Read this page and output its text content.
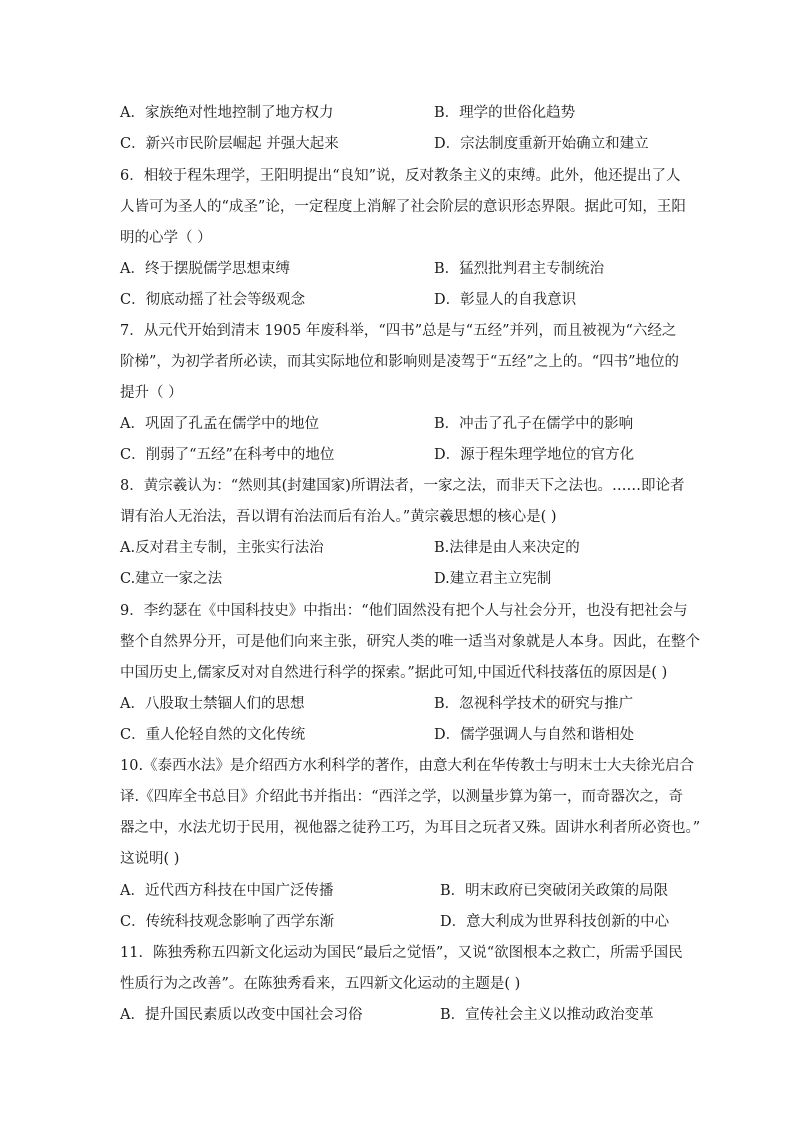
A．家族绝对性地控制了地方权力	B．理学的世俗化趋势
C．新兴市民阶层崛起 并强大起来	D．宗法制度重新开始确立和建立
6．相较于程朱理学，王阳明提出“良知”说，反对教条主义的束缚。此外，他还提出了人
人皆可为圣人的“成圣”论，一定程度上消解了社会阶层的意识形态界限。据此可知，王阳
明的心学（ ）
A．终于摆脱儒学思想束缚	B．猛烈批判君主专制统治
C．彻底动摇了社会等级观念	D．彰显人的自我意识
7．从元代开始到清末 1905 年废科举，“四书”总是与“五经”并列，而且被视为“六经之
阶梯”，为初学者所必读，而其实际地位和影响则是凌驾于“五经”之上的。“四书”地位的
提升（ ）
A．巩固了孔孟在儒学中的地位	B．冲击了孔子在儒学中的影响
C．削弱了“五经”在科考中的地位	D．源于程朱理学地位的官方化
8．黄宗羲认为：“然则其(封建国家)所谓法者，一家之法，而非天下之法也。……即论者
谓有治人无治法，吾以谓有治法而后有治人。”黄宗羲思想的核心是( )
A.反对君主专制，主张实行法治	B.法律是由人来决定的
C.建立一家之法	D.建立君主立宪制
9．李约瑟在《中国科技史》中指出：“他们固然没有把个人与社会分开，也没有把社会与
整个自然界分开，可是他们向来主张，研究人类的唯一适当对象就是人本身。因此，在整个
中国历史上,儒家反对对自然进行科学的探索。”据此可知,中国近代科技落伍的原因是( )
A．八股取士禁锢人们的思想	B．忽视科学技术的研究与推广
C．重人伦轻自然的文化传统	D．儒学强调人与自然和谐相处
10.《泰西水法》是介绍西方水利科学的著作，由意大利在华传教士与明末士大夫徐光启合
译.《四库全书总目》介绍此书并指出：“西洋之学，以测量步算为第一，而奇器次之，奇
器之中，水法尤切于民用，视他器之徒矜工巧，为耳目之玩者又殊。固讲水利者所必资也。”
这说明( )
A．近代西方科技在中国广泛传播	B．明末政府已突破闭关政策的局限
C．传统科技观念影响了西学东渐	D．意大利成为世界科技创新的中心
11．陈独秀称五四新文化运动为国民“最后之觉悟”，又说“欲图根本之救亡，所需乎国民
性质行为之改善”。在陈独秀看来，五四新文化运动的主题是( )
A．提升国民素质以改变中国社会习俗	B．宣传社会主义以推动政治变革
